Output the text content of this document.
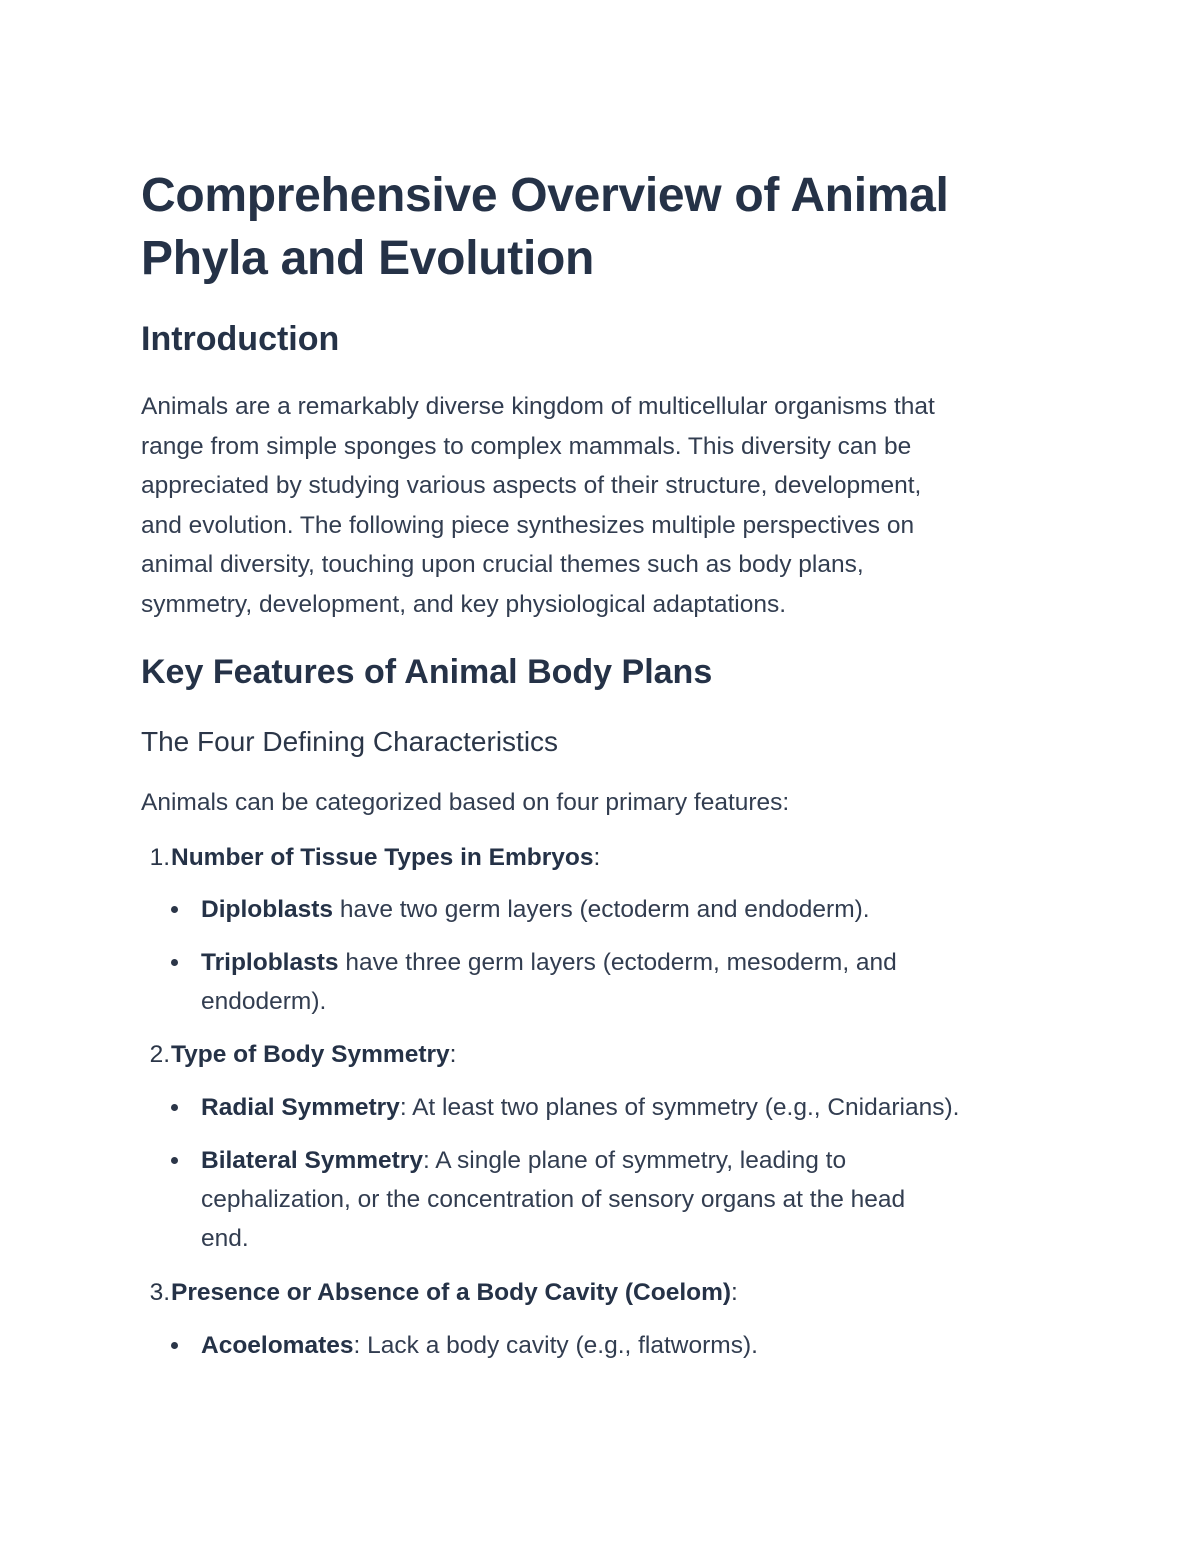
Comprehensive Overview of Animal
Phyla and Evolution
Introduction

Animals are a remarkably diverse kingdom of multicellular organisms that
range from simple sponges to complex mammals. This diversity can be
appreciated by studying various aspects of their structure, development,
and evolution. The following piece synthesizes multiple perspectives on
animal diversity, touching upon crucial themes such as body plans,
symmetry, development, and key physiological adaptations.

Key Features of Animal Body Plans
The Four Defining Characteristics

Animals can be categorized based on four primary features:

1.Number of Tissue Types in Embryos:
Diploblasts have two germ layers (ectoderm and endoderm).
Triploblasts have three germ layers (ectoderm, mesoderm, and
endoderm).
2.Type of Body Symmetry:
Radial Symmetry: At least two planes of symmetry (e.g., Cnidarians).
Bilateral Symmetry: A single plane of symmetry, leading to
cephalization, or the concentration of sensory organs at the head
end.
3.Presence or Absence of a Body Cavity (Coelom):
Acoelomates: Lack a body cavity (e.g., flatworms).
